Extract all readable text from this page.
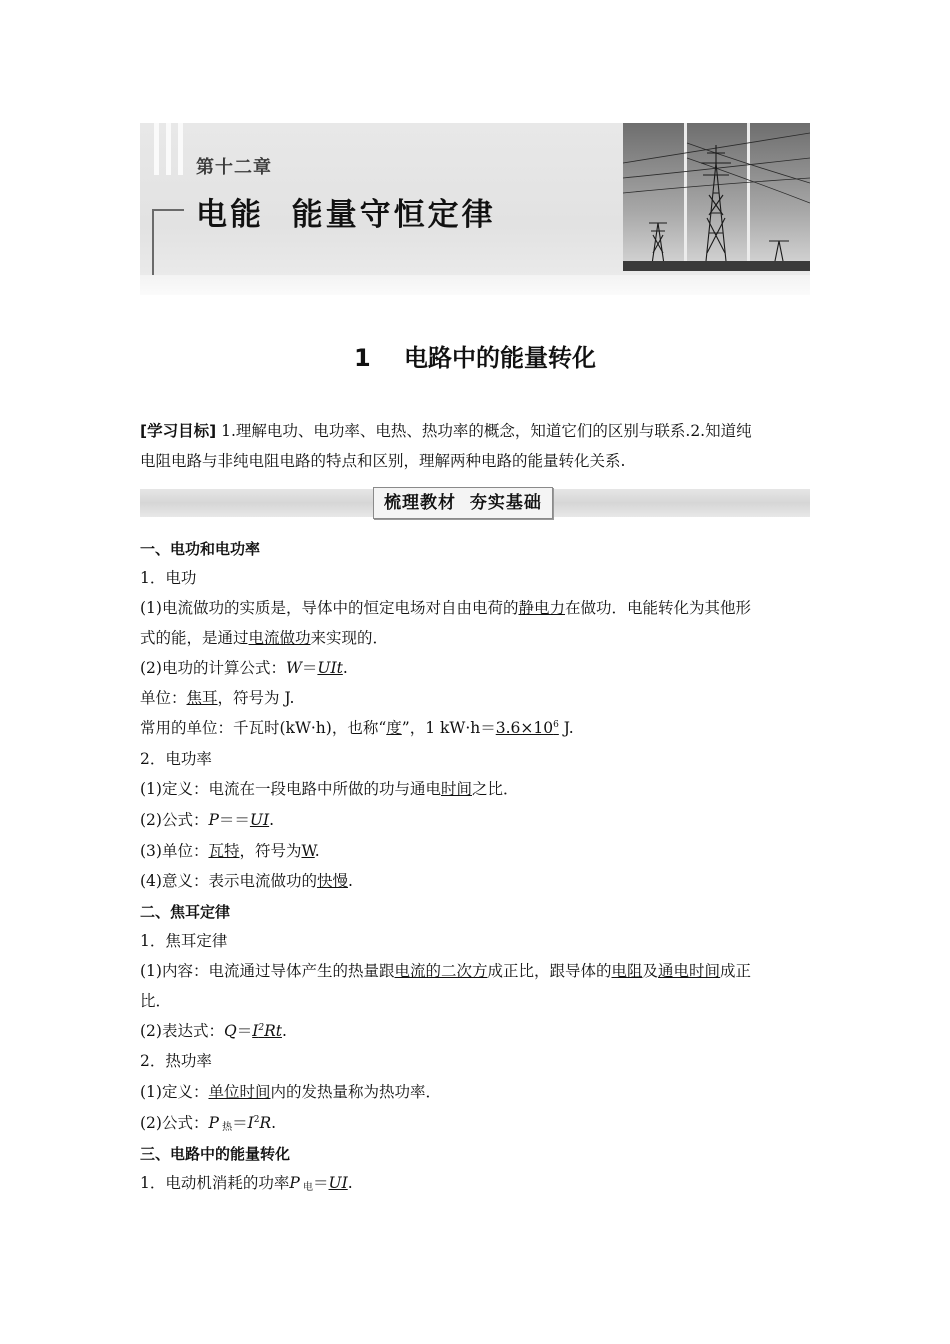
第十二章
电能  能量守恒定律
1    电路中的能量转化
[学习目标] 1.理解电功、电功率、电热、热功率的概念，知道它们的区别与联系.2.知道纯
电阻电路与非纯电阻电路的特点和区别，理解两种电路的能量转化关系.
梳理教材  夯实基础
一、电功和电功率
1．电功
(1)电流做功的实质是，导体中的恒定电场对自由电荷的静电力在做功．电能转化为其他形
式的能，是通过电流做功来实现的．
(2)电功的计算公式：W＝UIt.
单位：焦耳，符号为 J.
常用的单位：千瓦时(kW·h)，也称“度”，1 $kW\cdot h=3.6\times 10^6$ J.
2．电功率
(1)定义：电流在一段电路中所做的功与通电时间之比．
(2)公式：P＝＝UI.
(3)单位：瓦特，符号为W.
(4)意义：表示电流做功的快慢.
二、焦耳定律
1．焦耳定律
(1)内容：电流通过导体产生的热量跟电流的二次方成正比，跟导体的电阻及通电时间成正
比．
(2)表达式：$Q=I^2Rt$.
2．热功率
(1)定义：单位时间内的发热量称为热功率．
(2)公式：P $_热=I^2R$.
三、电路中的能量转化
1．电动机消耗的功率P $_电$＝UI.
